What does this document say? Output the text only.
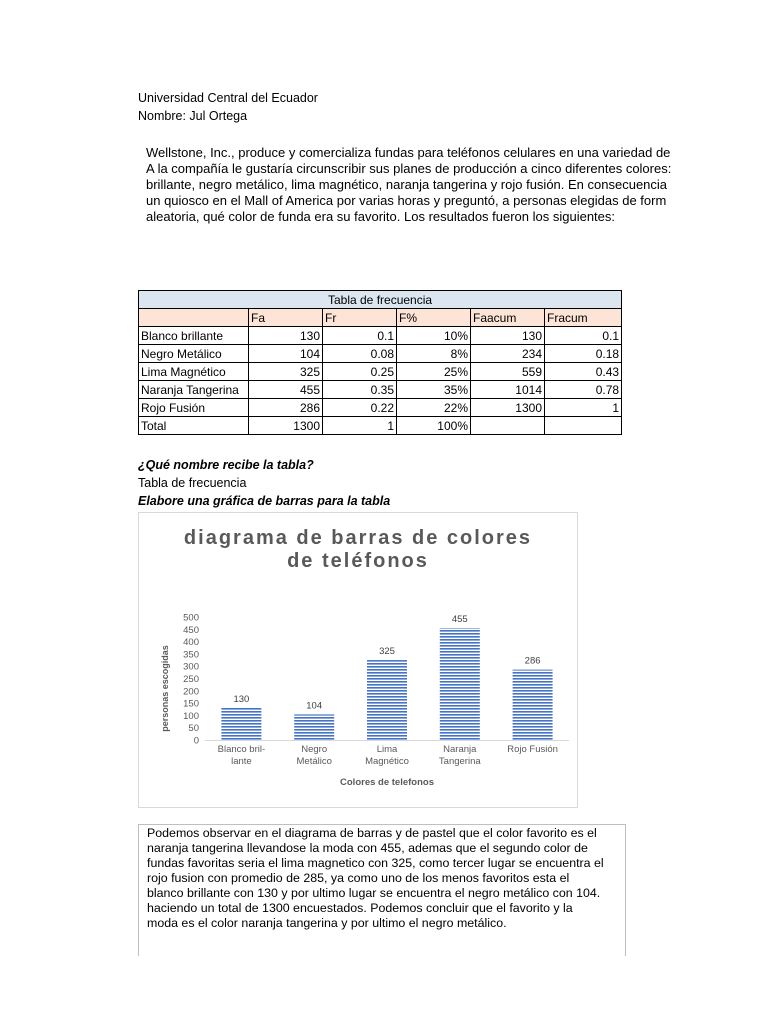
Universidad Central del Ecuador
Nombre: Jul Ortega
Wellstone, Inc., produce y comercializa fundas para teléfonos celulares en una variedad de
A la compañía le gustaría circunscribir sus planes de producción a cinco diferentes colores:
brillante, negro metálico, lima magnético, naranja tangerina y rojo fusión. En consecuencia
un quiosco en el Mall of America por varias horas y preguntó, a personas elegidas de form
aleatoria, qué color de funda era su favorito. Los resultados fueron los siguientes:
Tabla de frecuencia					
	Fa	Fr	F%	Faacum	Fracum
Blanco brillante	130	0.1	10%	130	0.1
Negro Metálico	104	0.08	8%	234	0.18
Lima Magnético	325	0.25	25%	559	0.43
Naranja Tangerina	455	0.35	35%	1014	0.78
Rojo Fusión	286	0.22	22%	1300	1
Total	1300	1	100%		
¿Qué nombre recibe la tabla?
Tabla de frecuencia
Elabore una gráfica de barras para la tabla
diagrama de barras de colores
de teléfonos
0
50
100
150
200
250
300
350
400
450
500
130
Blanco bril-
lante
104
Negro
Metálico
325
Lima
Magnético
455
Naranja
Tangerina
286
Rojo Fusión
Colores de telefonos
personas escogidas
Podemos observar en el diagrama de barras y de pastel que el color favorito es el
naranja tangerina llevandose la moda con 455, ademas que el segundo color de
fundas favoritas seria el lima magnetico con 325, como tercer lugar se encuentra el
rojo fusion con promedio de 285, ya como uno de los menos favoritos esta el
blanco brillante con 130 y por ultimo lugar se encuentra el negro metálico con 104.
haciendo un total de 1300 encuestados. Podemos concluir que el favorito y la
moda es el color naranja tangerina y por ultimo el negro metálico.
